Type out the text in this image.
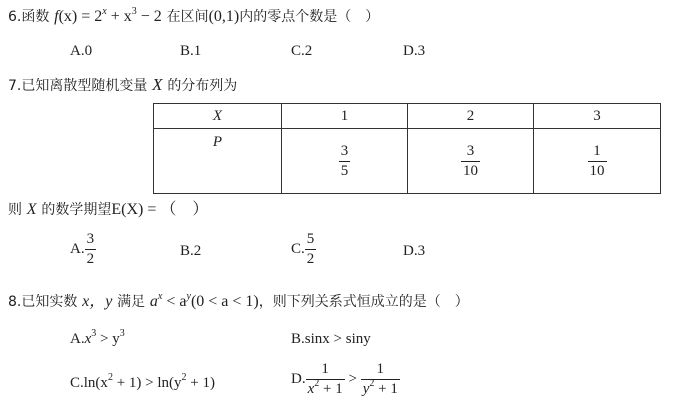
6.函数 $f(x) = 2^x + x^3 - 2$ 在区间(0,1)内的零点个数是（　）
A.0	B.1	C.2	D.3
7.已知离散型随机变量 X 的分布列为
X	1	2	3
P	$\frac{3}{5}$	$\frac{3}{10}$	$\frac{1}{10}$
则 X 的数学期望E(X) = （　）
A. $\frac{3}{2}$	B.2	C. $\frac{5}{2}$	D.3
8.已知实数 x，y 满足 $a^x < a^y(0 < a < 1)$，则下列关系式恒成立的是（　）
$A.x^3 > y^3$	B.sinx > siny
$C.\ln(x^2 + 1) > \ln(y^2 + 1)$	D. $\frac{1}{x^2 + 1} > \frac{1}{y^2 + 1}$
